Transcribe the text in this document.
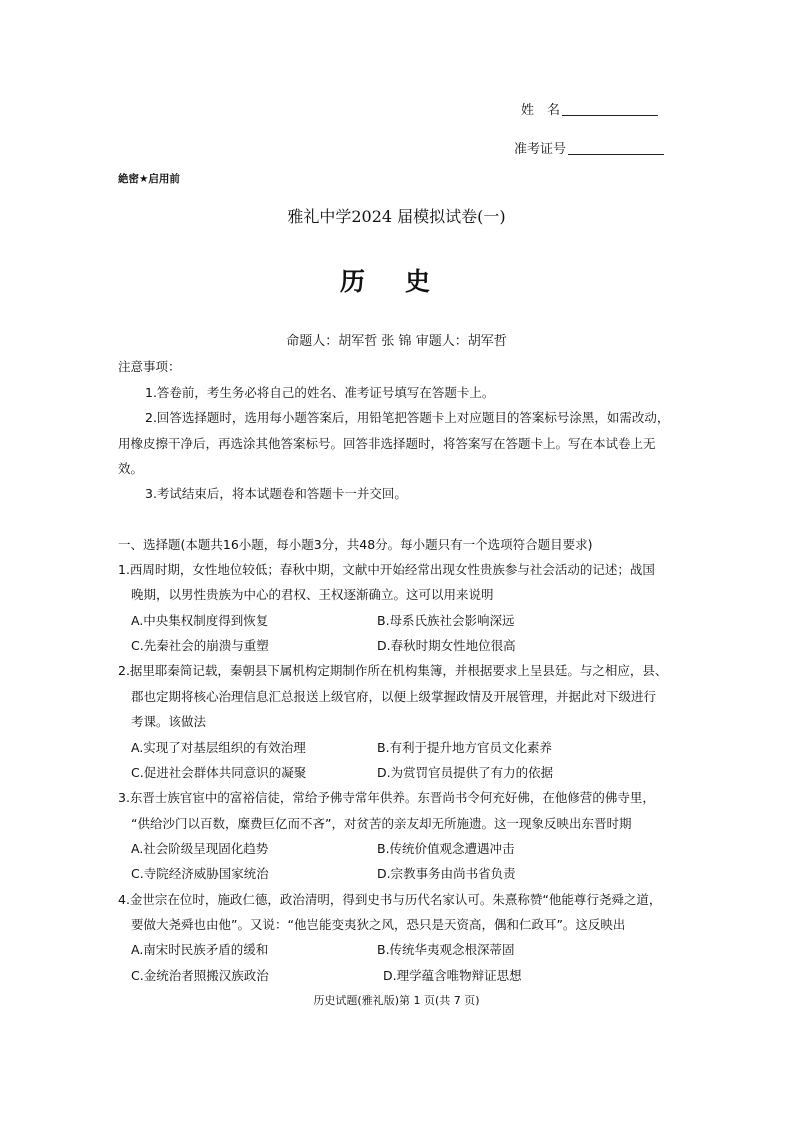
姓　名
准考证号
絶密★启用前
雅礼中学2024 届模拟试卷(一)
历史
命题人：胡军哲 张 锦 审题人：胡军哲
注意事项：
1.答卷前，考生务必将自己的姓名、准考证号填写在答题卡上。
2.回答选择题时，选用每小题答案后，用铅笔把答题卡上对应题目的答案标号涂黑，如需改动，
用橡皮擦干净后，再选涂其他答案标号。回答非选择题时，将答案写在答题卡上。写在本试卷上无
效。
3.考试结束后，将本试题卷和答题卡一并交回。
一、选择题(本题共16小题，每小题3分，共48分。每小题只有一个选项符合题目要求)
1.西周时期，女性地位较低；春秋中期，文献中开始经常出现女性贵族参与社会活动的记述；战国
晚期，以男性贵族为中心的君权、王权逐渐确立。这可以用来说明
A.中央集权制度得到恢复	B.母系氏族社会影响深远
C.先秦社会的崩溃与重塑	D.春秋时期女性地位很高
2.据里耶秦简记载，秦朝县下属机构定期制作所在机构集簿，并根据要求上呈县廷。与之相应，县、
郡也定期将核心治理信息汇总报送上级官府，以便上级掌握政情及开展管理，并据此对下级进行
考课。该做法
A.实现了对基层组织的有效治理	B.有利于提升地方官员文化素养
C.促进社会群体共同意识的凝聚	D.为赏罚官员提供了有力的依据
3.东晋士族官宦中的富裕信徒，常给予佛寺常年供养。东晋尚书令何充好佛，在他修营的佛寺里，
“供给沙门以百数，糜费巨亿而不吝”，对贫苦的亲友却无所施遗。这一现象反映出东晋时期
A.社会阶级呈现固化趋势	B.传统价值观念遭遇冲击
C.寺院经济威胁国家统治	D.宗教事务由尚书省负责
4.金世宗在位时，施政仁德，政治清明，得到史书与历代名家认可。朱熹称赞“他能尊行尧舜之道，
要做大尧舜也由他”。又说：“他岂能变夷狄之风，恐只是天资高，偶和仁政耳”。这反映出
A.南宋时民族矛盾的缓和	B.传统华夷观念根深蒂固
C.金统治者照搬汉族政治	D.理学蕴含唯物辩证思想
历史试题(雅礼版)第 1 页(共 7 页)
